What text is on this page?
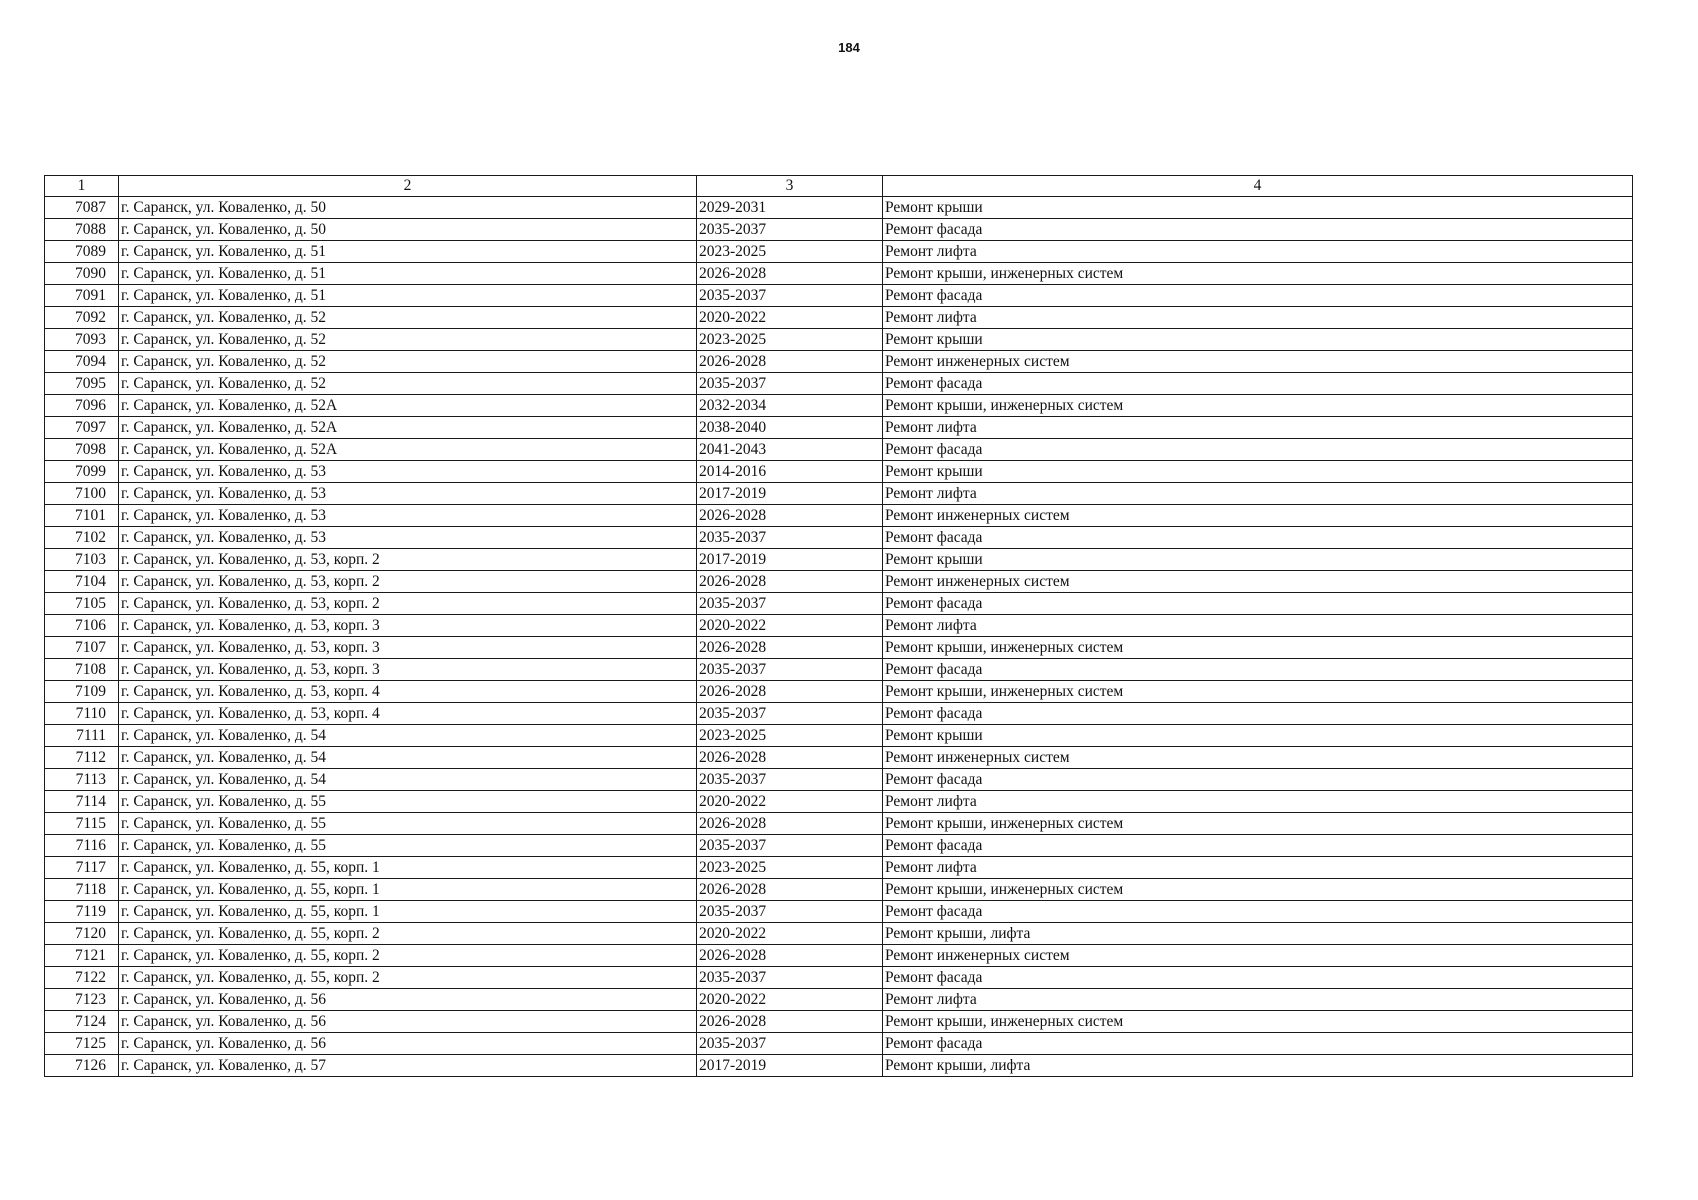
184
1	2	3	4
7087	г. Саранск, ул. Коваленко, д. 50	2029-2031	Ремонт крыши
7088	г. Саранск, ул. Коваленко, д. 50	2035-2037	Ремонт фасада
7089	г. Саранск, ул. Коваленко, д. 51	2023-2025	Ремонт лифта
7090	г. Саранск, ул. Коваленко, д. 51	2026-2028	Ремонт крыши, инженерных систем
7091	г. Саранск, ул. Коваленко, д. 51	2035-2037	Ремонт фасада
7092	г. Саранск, ул. Коваленко, д. 52	2020-2022	Ремонт лифта
7093	г. Саранск, ул. Коваленко, д. 52	2023-2025	Ремонт крыши
7094	г. Саранск, ул. Коваленко, д. 52	2026-2028	Ремонт инженерных систем
7095	г. Саранск, ул. Коваленко, д. 52	2035-2037	Ремонт фасада
7096	г. Саранск, ул. Коваленко, д. 52А	2032-2034	Ремонт крыши, инженерных систем
7097	г. Саранск, ул. Коваленко, д. 52А	2038-2040	Ремонт лифта
7098	г. Саранск, ул. Коваленко, д. 52А	2041-2043	Ремонт фасада
7099	г. Саранск, ул. Коваленко, д. 53	2014-2016	Ремонт крыши
7100	г. Саранск, ул. Коваленко, д. 53	2017-2019	Ремонт лифта
7101	г. Саранск, ул. Коваленко, д. 53	2026-2028	Ремонт инженерных систем
7102	г. Саранск, ул. Коваленко, д. 53	2035-2037	Ремонт фасада
7103	г. Саранск, ул. Коваленко, д. 53, корп. 2	2017-2019	Ремонт крыши
7104	г. Саранск, ул. Коваленко, д. 53, корп. 2	2026-2028	Ремонт инженерных систем
7105	г. Саранск, ул. Коваленко, д. 53, корп. 2	2035-2037	Ремонт фасада
7106	г. Саранск, ул. Коваленко, д. 53, корп. 3	2020-2022	Ремонт лифта
7107	г. Саранск, ул. Коваленко, д. 53, корп. 3	2026-2028	Ремонт крыши, инженерных систем
7108	г. Саранск, ул. Коваленко, д. 53, корп. 3	2035-2037	Ремонт фасада
7109	г. Саранск, ул. Коваленко, д. 53, корп. 4	2026-2028	Ремонт крыши, инженерных систем
7110	г. Саранск, ул. Коваленко, д. 53, корп. 4	2035-2037	Ремонт фасада
7111	г. Саранск, ул. Коваленко, д. 54	2023-2025	Ремонт крыши
7112	г. Саранск, ул. Коваленко, д. 54	2026-2028	Ремонт инженерных систем
7113	г. Саранск, ул. Коваленко, д. 54	2035-2037	Ремонт фасада
7114	г. Саранск, ул. Коваленко, д. 55	2020-2022	Ремонт лифта
7115	г. Саранск, ул. Коваленко, д. 55	2026-2028	Ремонт крыши, инженерных систем
7116	г. Саранск, ул. Коваленко, д. 55	2035-2037	Ремонт фасада
7117	г. Саранск, ул. Коваленко, д. 55, корп. 1	2023-2025	Ремонт лифта
7118	г. Саранск, ул. Коваленко, д. 55, корп. 1	2026-2028	Ремонт крыши, инженерных систем
7119	г. Саранск, ул. Коваленко, д. 55, корп. 1	2035-2037	Ремонт фасада
7120	г. Саранск, ул. Коваленко, д. 55, корп. 2	2020-2022	Ремонт крыши, лифта
7121	г. Саранск, ул. Коваленко, д. 55, корп. 2	2026-2028	Ремонт инженерных систем
7122	г. Саранск, ул. Коваленко, д. 55, корп. 2	2035-2037	Ремонт фасада
7123	г. Саранск, ул. Коваленко, д. 56	2020-2022	Ремонт лифта
7124	г. Саранск, ул. Коваленко, д. 56	2026-2028	Ремонт крыши, инженерных систем
7125	г. Саранск, ул. Коваленко, д. 56	2035-2037	Ремонт фасада
7126	г. Саранск, ул. Коваленко, д. 57	2017-2019	Ремонт крыши, лифта
